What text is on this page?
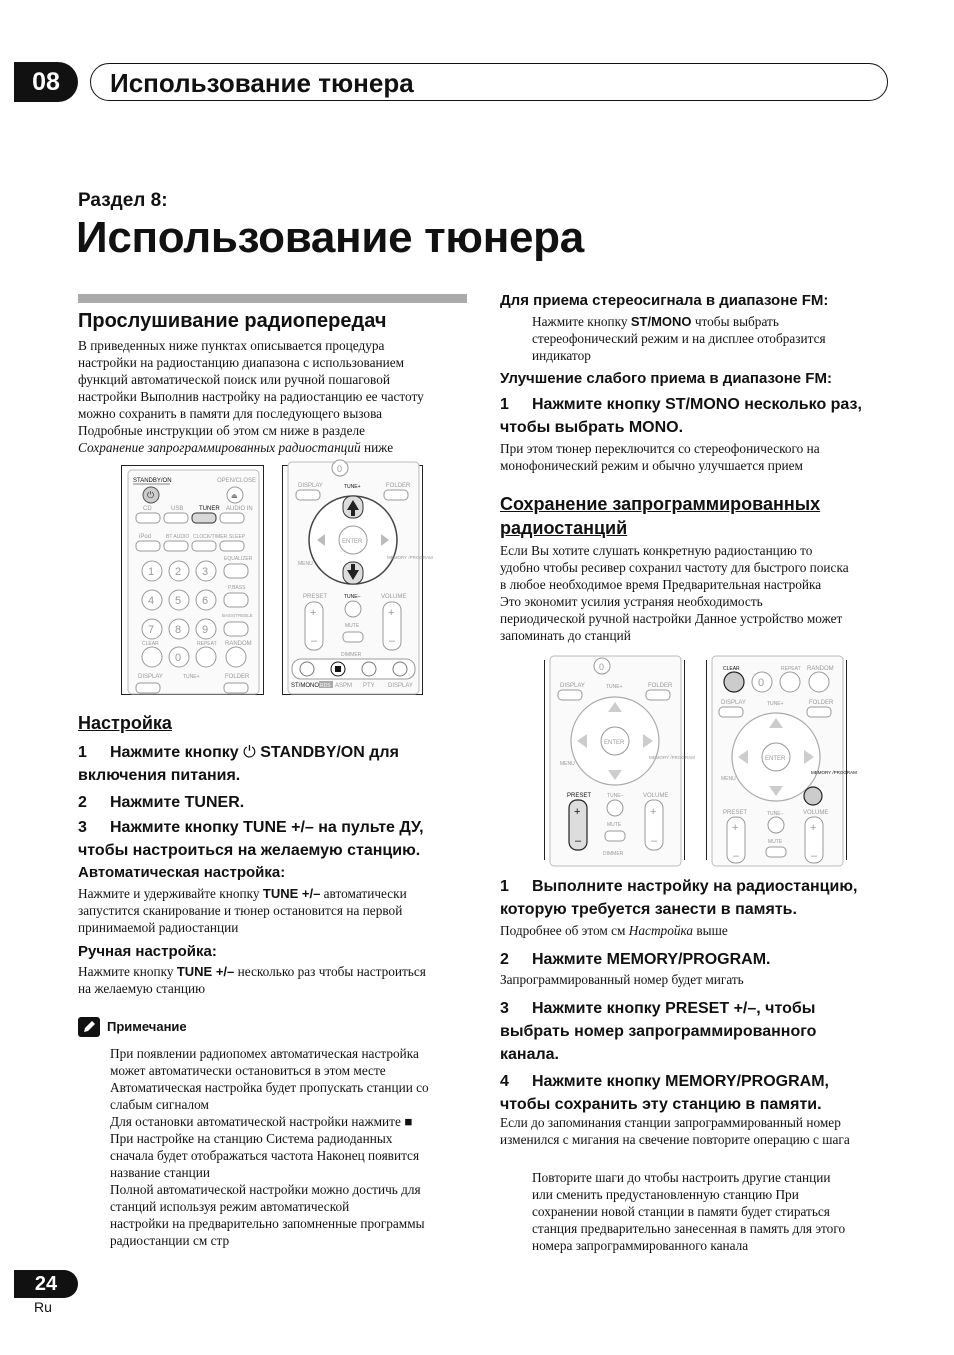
08	Использование тюнера
Раздел 8:
Использование тюнера
Прослушивание радиопередач
В приведенных ниже пунктах описывается процедура
настройки на радиостанцию диапазона с использованием
функций автоматической поиск или ручной пошаговой
настройки Выполнив настройку на радиостанцию ее частоту
можно сохранить в памяти для последующего вызова
Подробные инструкции об этом см ниже в разделе
Сохранение запрограммированных радиостанций ниже
STANDBY/ON	OPEN/CLOSE
⏻	⏏
CD	USB	TUNER AUDIO IN
iPod	BT AUDIO CLOCK/TIMER SLEEP
EQUALIZER
1 2 3
P.BASS
4 5 6
BASS/TREBLE
7 8 9
CLEAR	REPEAT RANDOM
0
DISPLAY	TUNE+	FOLDER
0
DISPLAY	TUNE+	FOLDER
ENTER
MENU
MEMORY /PROGRAM
TUNE–
PRESET	VOLUME
+
–
+
–
MUTE
DIMMER
ST/MONO RDS ASPM PTY DISPLAY
Настройка
1 Нажмите кнопку ⏻ STANDBY/ON для
включения питания.
2 Нажмите TUNER.
3 Нажмите кнопку TUNE +/– на пульте ДУ,
чтобы настроиться на желаемую станцию.
Автоматическая настройка:
Нажмите и удерживайте кнопку TUNE +/– автоматически
запустится сканирование и тюнер остановится на первой
принимаемой радиостанции
Ручная настройка:
Нажмите кнопку TUNE +/– несколько раз чтобы настроиться
на желаемую станцию
Примечание
При появлении радиопомех автоматическая настройка
может автоматически остановиться в этом месте
Автоматическая настройка будет пропускать станции со
слабым сигналом
Для остановки автоматической настройки нажмите ■
При настройке на станцию Система радиоданных
сначала будет отображаться частота Наконец появится
название станции
Полной автоматической настройки можно достичь для
станций используя режим автоматической
настройки на предварительно запомненные программы
радиостанции см стр
Для приема стереосигнала в диапазоне FM:
Нажмите кнопку ST/MONO чтобы выбрать
стереофонический режим и на дисплее отобразится
индикатор
Улучшение слабого приема в диапазоне FM:
1 Нажмите кнопку ST/MONO несколько раз,
чтобы выбрать MONO.
При этом тюнер переключится со стереофонического на
монофонический режим и обычно улучшается прием
Сохранение запрограммированных
радиостанций
Если Вы хотите слушать конкретную радиостанцию то
удобно чтобы ресивер сохранил частоту для быстрого поиска
в любое необходимое время Предварительная настройка
Это экономит усилия устраняя необходимость
периодической ручной настройки Данное устройство может
запоминать до станций
0
DISPLAY	TUNE+	FOLDER
ENTER
MENU
MEMORY /PROGRAM
PRESET	TUNE–	VOLUME
+
–
+
–
MUTE
DIMMER
CLEAR	REPEAT RANDOM
0
DISPLAY	TUNE+	FOLDER
ENTER
MENU
MEMORY /PROGRAM
PRESET	TUNE–	VOLUME
+
–
+
–
MUTE
1 Выполните настройку на радиостанцию,
которую требуется занести в память.
Подробнее об этом см Настройка выше
2 Нажмите MEMORY/PROGRAM.
Запрограммированный номер будет мигать
3 Нажмите кнопку PRESET +/–, чтобы
выбрать номер запрограммированного
канала.
4 Нажмите кнопку MEMORY/PROGRAM,
чтобы сохранить эту станцию в памяти.
Если до запоминания станции запрограммированный номер
изменился с мигания на свечение повторите операцию с шага
Повторите шаги до чтобы настроить другие станции
или сменить предустановленную станцию При
сохранении новой станции в памяти будет стираться
станция предварительно занесенная в память для этого
номера запрограммированного канала
24
Ru
